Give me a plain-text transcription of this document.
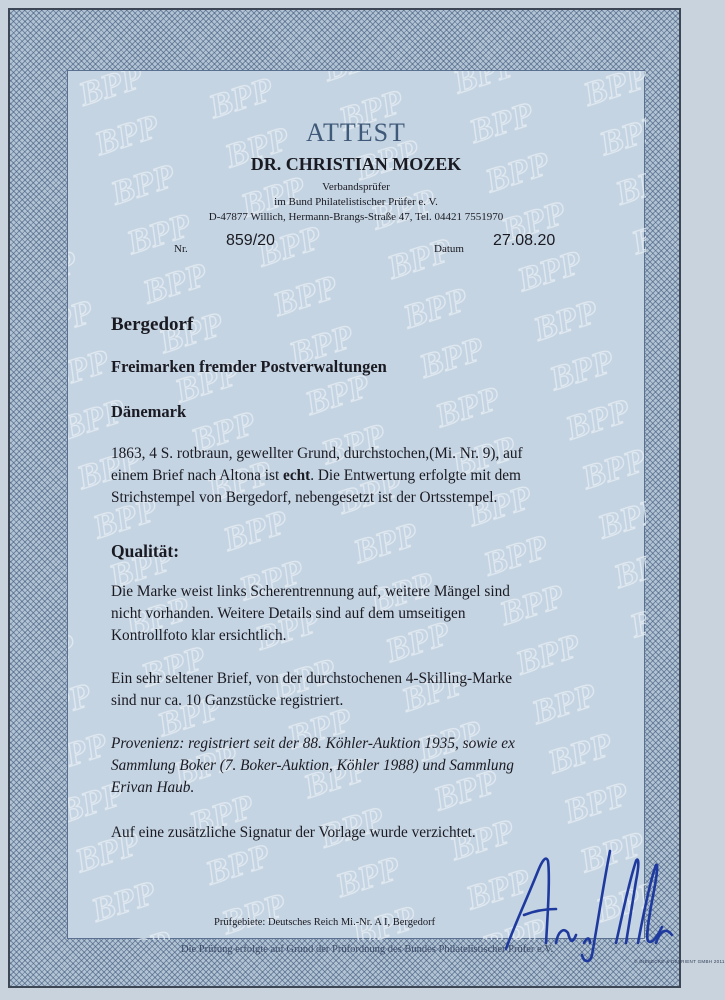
ATTEST
DR. CHRISTIAN MOZEK
Verbandsprüfer
im Bund Philatelistischer Prüfer e. V.
D-47877 Willich, Hermann-Brangs-Straße 47, Tel. 04421 7551970
Nr. 859/20	Datum 27.08.20
Bergedorf
Freimarken fremder Postverwaltungen
Dänemark
1863, 4 S. rotbraun, gewellter Grund, durchstochen,(Mi. Nr. 9), auf
einem Brief nach Altona ist echt. Die Entwertung erfolgte mit dem
Strichstempel von Bergedorf, nebengesetzt ist der Ortsstempel.
Qualität:
Die Marke weist links Scherentrennung auf, weitere Mängel sind
nicht vorhanden. Weitere Details sind auf dem umseitigen
Kontrollfoto klar ersichtlich.
Ein sehr seltener Brief, von der durchstochenen 4-Skilling-Marke
sind nur ca. 10 Ganzstücke registriert.
Provenienz: registriert seit der 88. Köhler-Auktion 1935, sowie ex
Sammlung Boker (7. Boker-Auktion, Köhler 1988) und Sammlung
Erivan Haub.
Auf eine zusätzliche Signatur der Vorlage wurde verzichtet.
Prüfgebiete: Deutsches Reich Mi.-Nr. A I, Bergedorf
Die Prüfung erfolgte auf Grund der Prüfordnung des Bundes Philatelistischer Prüfer e.V.
© GIESECKE & DEVRIENT GMBH 2011
